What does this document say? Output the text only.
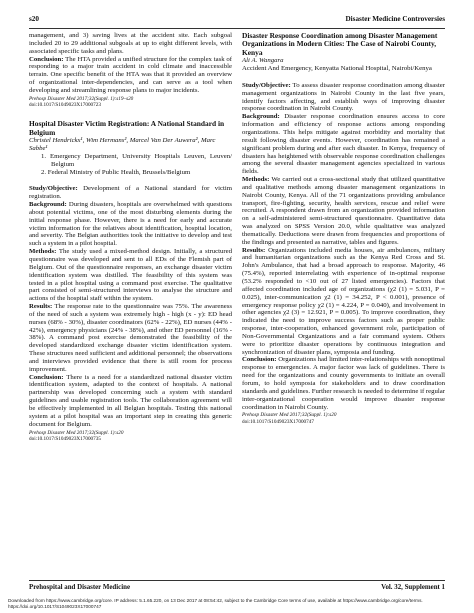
s20	Disaster Medicine Controversies

management, and 3) saving lives at the accident site. Each subgoal included 20 to 29 additional subgoals at up to eight different levels, with associated specific tasks and plans.

Conclusion: The HTA provided a unified structure for the complex task of responding to a major train accident in cold climate and inaccessible terrain. One specific benefit of the HTA was that it provided an overview of organizational inter-dependencies, and can serve as a tool when developing and streamlining response plans to major incidents.

Prehosp Disaster Med 2017;32(Suppl. 1):s19–s20
doi:10.1017/S1049023X17000723

Hospital Disaster Victim Registration: A National Standard in Belgium

Christel Hendrickx¹, Wim Hermans², Marcel Van Der Auwera², Marc Sabbe¹

1. Emergency Department, University Hospitals Leuven, Leuven/ Belgium
2. Federal Ministry of Public Health, Brussels/Belgium

Study/Objective: Development of a National standard for victim registration.

Background: During disasters, hospitals are overwhelmed with questions about potential victims, one of the most disturbing elements during the initial response phase. However, there is a need for early and accurate victim information for the relatives about identification, hospital location, and severity. The Belgian authorities took the initiative to develop and test such a system in a pilot hospital.

Methods: The study used a mixed-method design. Initially, a structured questionnaire was developed and sent to all EDs of the Flemish part of Belgium. Out of the questionnaire responses, an exchange disaster victim identification system was distilled. The feasibility of this system was tested in a pilot hospital using a command post exercise. The qualitative part consisted of semi-structured interviews to analyse the structure and actions of the hospital staff within the system.

Results: The response rate to the questionnaire was 75%. The awareness of the need of such a system was extremely high - high (x - y): ED head nurses (68% - 30%), disaster coordinators (62% - 22%), ED nurses (44% - 42%), emergency physicians (24% - 38%), and other ED personnel (16% - 38%). A command post exercise demonstrated the feasibility of the developed standardized exchange disaster victim identification system. These structures need sufficient and additional personnel; the observations and interviews provided evidence that there is still room for process improvement.

Conclusion: There is a need for a standardized national disaster victim identification system, adapted to the context of hospitals. A national partnership was developed concerning such a system with standard guidelines and usable registration tools. The collaboration agreement will be effectively implemented in all Belgian hospitals. Testing this national system at a pilot hospital was an important step in creating this generic document for Belgium.

Prehosp Disaster Med 2017;32(Suppl. 1):s20
doi:10.1017/S1049023X17000735

Disaster Response Coordination among Disaster Management Organizations in Modern Cities: The Case of Nairobi County, Kenya

Ali A. Wangara

Accident And Emergency, Kenyatta National Hospital, Nairobi/Kenya

Study/Objective: To assess disaster response coordination among disaster management organizations in Nairobi County in the last five years, identify factors affecting, and establish ways of improving disaster response coordination in Nairobi County.

Background: Disaster response coordination ensures access to core information and efficiency of response actions among responding organizations. This helps mitigate against morbidity and mortality that result following disaster events. However, coordination has remained a significant problem during and after each disaster. In Kenya, frequency of disasters has heightened with observable response coordination challenges among the several disaster management agencies specialized in various fields.

Methods: We carried out a cross-sectional study that utilized quantitative and qualitative methods among disaster management organizations in Nairobi County, Kenya. All of the 71 organizations providing ambulance transport, fire-fighting, security, health services, rescue and relief were recruited. A respondent drawn from an organization provided information on a self-administered semi-structured questionnaire. Quantitative data was analyzed on SPSS Version 20.0, while qualitative was analyzed thematically. Deductions were drawn from frequencies and proportions of the findings and presented as narrative, tables and figures.

Results: Organizations included media houses, air ambulances, military and humanitarian organizations such as the Kenya Red Cross and St. John's Ambulance, that had a broad approach to response. Majority, 46 (75.4%), reported interrelating with experience of in-optimal response (53.2% responded to <10 out of 27 listed emergencies). Factors that affected coordination included age of organizations (χ2 (1) = 5.031, P = 0.025), inter-communication χ2 (1) = 34.252, P < 0.001), presence of emergency response policy χ2 (1) = 4.224, P = 0.040), and involvement in other agencies χ2 (3) = 12.921, P = 0.005). To improve coordination, they indicated the need to improve success factors such as proper public response, inter-cooperation, enhanced government role, participation of Non-Governmental Organizations and a fair command system. Others were to prioritize disaster operations by continuous integration and synchronization of disaster plans, symposia and funding.

Conclusion: Organizations had limited inter-relationships with nonoptimal response to emergencies. A major factor was lack of guidelines. There is need for the organizations and county governments to initiate an overall forum, to hold symposia for stakeholders and to draw coordination standards and guidelines. Further research is needed to determine if regular inter-organizational cooperation would improve disaster response coordination in Nairobi County.

Prehosp Disaster Med 2017;32(Suppl. 1):s20
doi:10.1017/S1049023X17000747
Prehospital and Disaster Medicine	Vol. 32, Supplement 1
Downloaded from https://www.cambridge.org/core. IP address: 5.1.65.220, on 13 Dec 2017 at 08:54:42, subject to the Cambridge Core terms of use, available at https://www.cambridge.org/core/terms. https://doi.org/10.1017/S1049023X17000747
